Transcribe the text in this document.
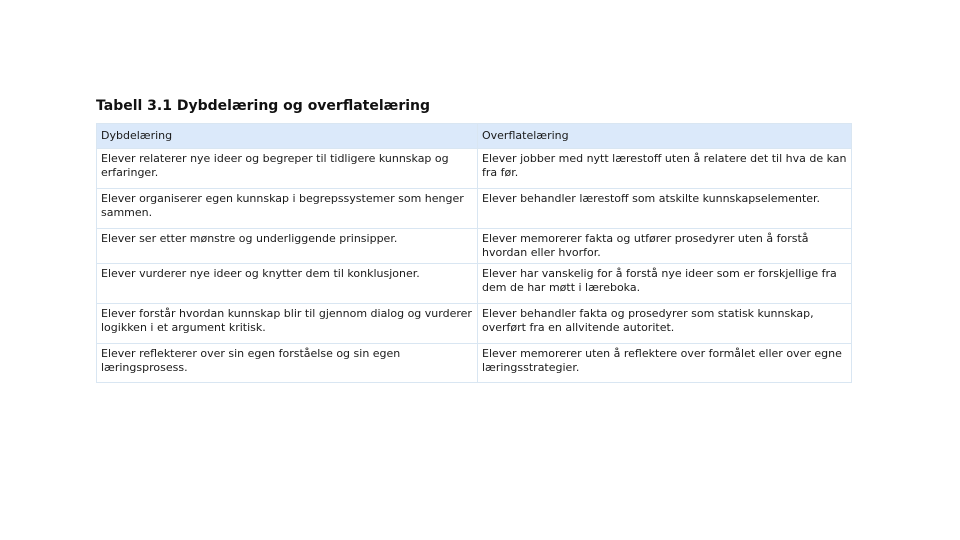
Tabell 3.1 Dybdelæring og overflatelæring
Dybdelæring	Overflatelæring
Elever relaterer nye ideer og begreper til tidligere kunnskap og erfaringer.	Elever jobber med nytt lærestoff uten å relatere det til hva de kan fra før.
Elever organiserer egen kunnskap i begrepssystemer som henger sammen.	Elever behandler lærestoff som atskilte kunnskapselementer.
Elever ser etter mønstre og underliggende prinsipper.	Elever memorerer fakta og utfører prosedyrer uten å forstå hvordan eller hvorfor.
Elever vurderer nye ideer og knytter dem til konklusjoner.	Elever har vanskelig for å forstå nye ideer som er forskjellige fra dem de har møtt i læreboka.
Elever forstår hvordan kunnskap blir til gjennom dialog og vurderer logikken i et argument kritisk.	Elever behandler fakta og prosedyrer som statisk kunnskap, overført fra en allvitende autoritet.
Elever reflekterer over sin egen forståelse og sin egen læringsprosess.	Elever memorerer uten å reflektere over formålet eller over egne læringsstrategier.
